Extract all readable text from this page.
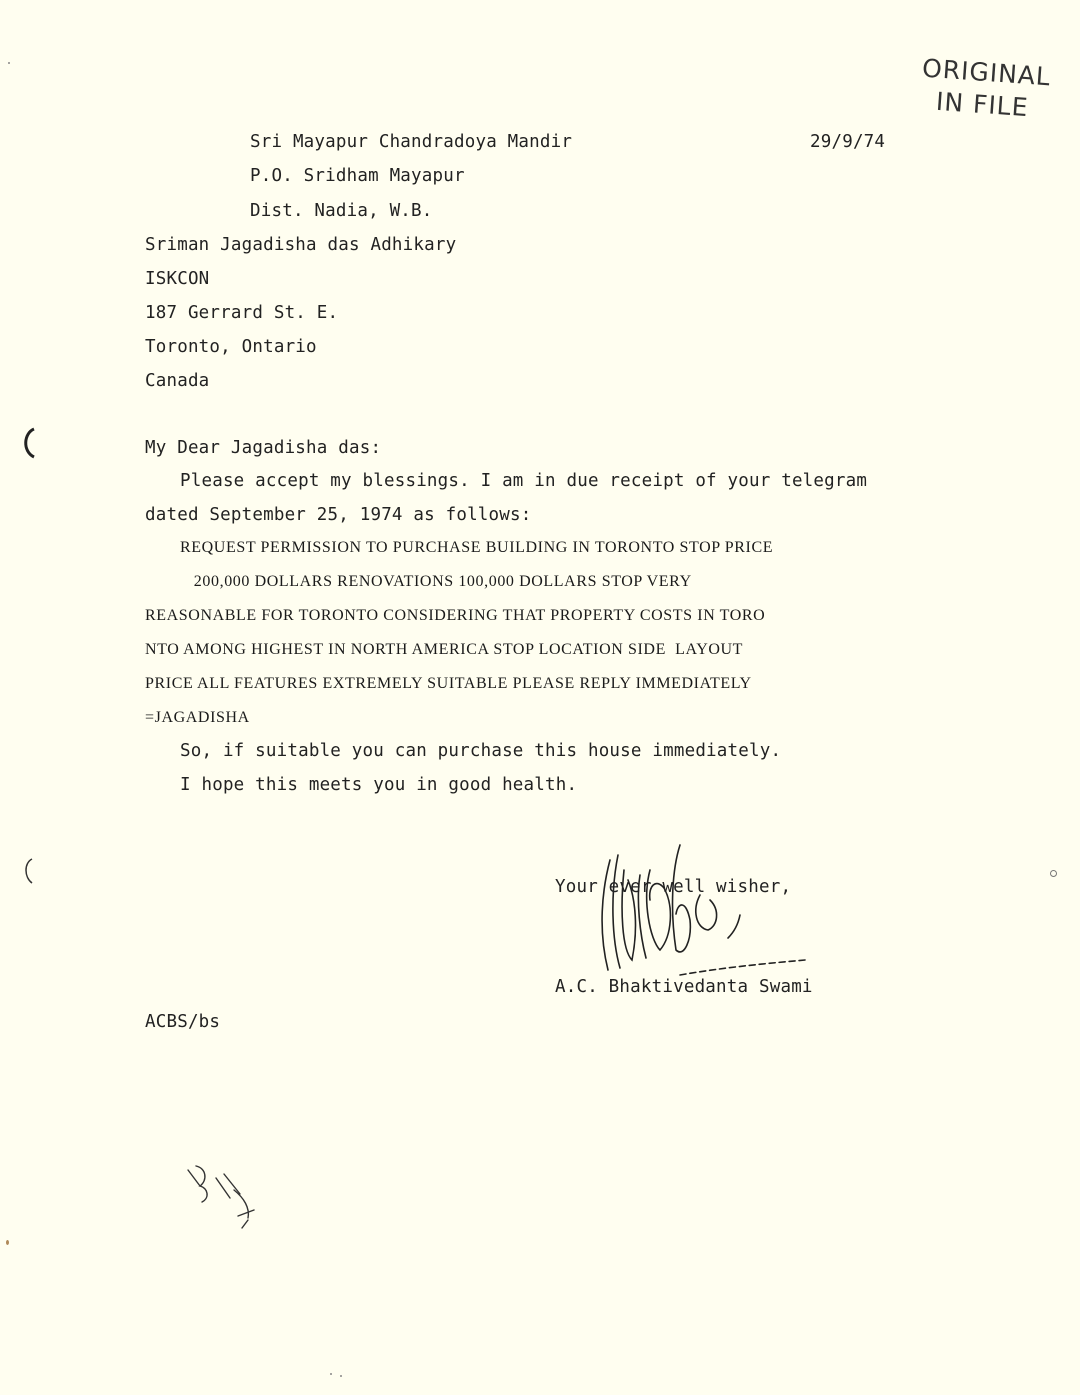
ORIGINAL
IN FILE
Sri Mayapur Chandradoya Mandir
P.O. Sridham Mayapur
Dist. Nadia, W.B.
29/9/74
Sriman Jagadisha das Adhikary
ISKCON
187 Gerrard St. E.
Toronto, Ontario
Canada
My Dear Jagadisha das:
Please accept my blessings. I am in due receipt of your telegram
dated September 25, 1974 as follows:
REQUEST PERMISSION TO PURCHASE BUILDING IN TORONTO STOP PRICE
200,000 DOLLARS RENOVATIONS 100,000 DOLLARS STOP VERY
REASONABLE FOR TORONTO CONSIDERING THAT PROPERTY COSTS IN TORO
NTO AMONG HIGHEST IN NORTH AMERICA STOP LOCATION SIDE  LAYOUT
PRICE ALL FEATURES EXTREMELY SUITABLE PLEASE REPLY IMMEDIATELY
=JAGADISHA
So, if suitable you can purchase this house immediately.
I hope this meets you in good health.
Your ever well wisher,
A.C. Bhaktivedanta Swami
ACBS/bs
